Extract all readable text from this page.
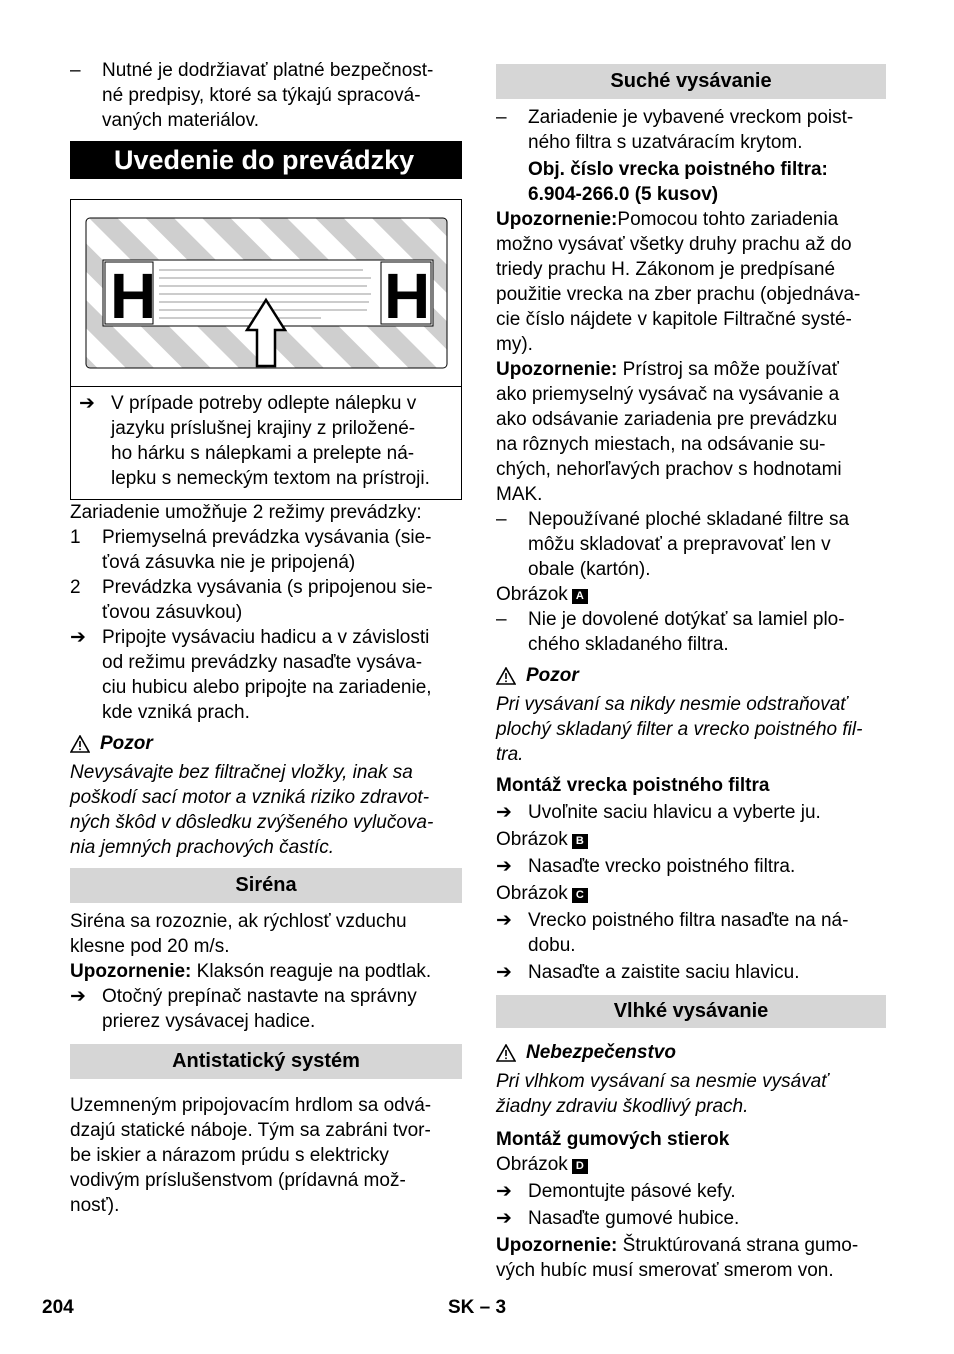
–	Nutné je dodržiavať platné bezpečnost-
né predpisy, ktoré sa týkajú spracová-
vaných materiálov.
Uvedenie do prevádzky
H	H
➔ V prípade potreby odlepte nálepku v
jazyku príslušnej krajiny z priložené-
ho hárku s nálepkami a prelepte ná-
lepku s nemeckým textom na prístroji.
Zariadenie umožňuje 2 režimy prevádzky:
1	Priemyselná prevádzka vysávania (sie-
ťová zásuvka nie je pripojená)
2	Prevádzka vysávania (s pripojenou sie-
ťovou zásuvkou)
➔ Pripojte vysávaciu hadicu a v závislosti
od režimu prevádzky nasaďte vysáva-
ciu hubicu alebo pripojte na zariadenie,
kde vzniká prach.
Pozor
Nevysávajte bez filtračnej vložky, inak sa
poškodí sací motor a vzniká riziko zdravot-
ných škôd v dôsledku zvýšeného vylučova-
nia jemných prachových častíc.
Siréna
Siréna sa rozoznie, ak rýchlosť vzduchu
klesne pod 20 m/s.
Upozornenie: Klaksón reaguje na podtlak.
➔ Otočný prepínač nastavte na správny
prierez vysávacej hadice.
Antistatický systém
Uzemneným pripojovacím hrdlom sa odvá-
dzajú statické náboje. Tým sa zabráni tvor-
be iskier a nárazom prúdu s elektricky
vodivým príslušenstvom (prídavná mož-
nosť).
Suché vysávanie
–	Zariadenie je vybavené vreckom poist-
ného filtra s uzatváracím krytom.
Obj. číslo vrecka poistného filtra:
6.904-266.0 (5 kusov)
Upozornenie:Pomocou tohto zariadenia
možno vysávať všetky druhy prachu až do
triedy prachu H. Zákonom je predpísané
použitie vrecka na zber prachu (objednáva-
cie číslo nájdete v kapitole Filtračné systé-
my).
Upozornenie: Prístroj sa môže používať
ako priemyselný vysávač na vysávanie a
ako odsávanie zariadenia pre prevádzku
na rôznych miestach, na odsávanie su-
chých, nehorľavých prachov s hodnotami
MAK.
–	Nepoužívané ploché skladané filtre sa
môžu skladovať a prepravovať len v
obale (kartón).
Obrázok A
–	Nie je dovolené dotýkať sa lamiel plo-
chého skladaného filtra.
Pozor
Pri vysávaní sa nikdy nesmie odstraňovať
plochý skladaný filter a vrecko poistného fil-
tra.
Montáž vrecka poistného filtra
➔ Uvoľnite saciu hlavicu a vyberte ju.
Obrázok B
➔ Nasaďte vrecko poistného filtra.
Obrázok C
➔ Vrecko poistného filtra nasaďte na ná-
dobu.
➔ Nasaďte a zaistite saciu hlavicu.
Vlhké vysávanie
Nebezpečenstvo
Pri vlhkom vysávaní sa nesmie vysávať
žiadny zdraviu škodlivý prach.
Montáž gumových stierok
Obrázok D
➔ Demontujte pásové kefy.
➔ Nasaďte gumové hubice.
Upozornenie: Štruktúrovaná strana gumo-
vých hubíc musí smerovať smerom von.
204	SK – 3
